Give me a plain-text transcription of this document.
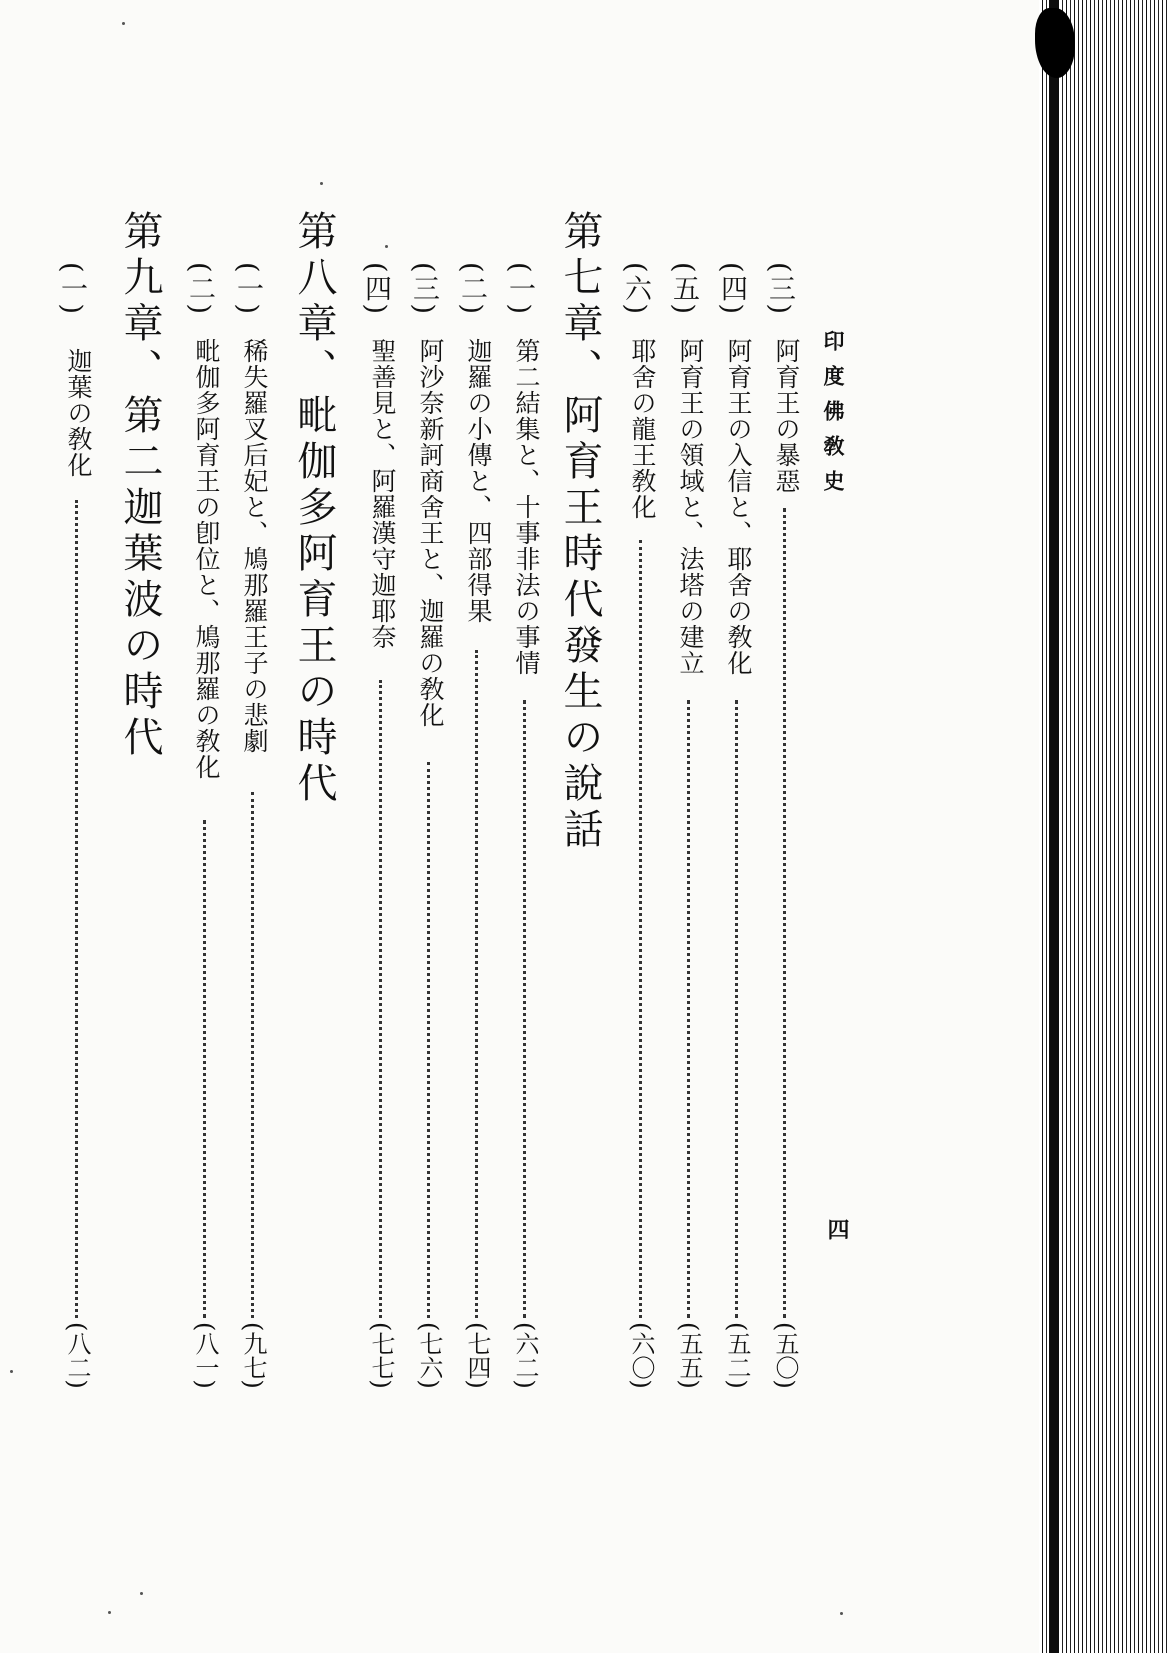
印度佛敎史
四
(三)
阿育王の暴惡
(五〇)
(四)
阿育王の入信と、耶舍の敎化
(五二)
(五)
阿育王の領域と、法塔の建立
(五五)
(六)
耶舍の龍王敎化
(六〇)
第七章、阿育王時代發生の說話
(一)
第二結集と、十事非法の事情
(六二)
(二)
迦羅の小傳と、四部得果
(七四)
(三)
阿沙奈新訶商舍王と、迦羅の敎化
(七六)
(四)
聖善見と、阿羅漢守迦耶奈
(七七)
第八章、毗伽多阿育王の時代
(一)
稀失羅叉后妃と、鳩那羅王子の悲劇
(九七)
(二)
毗伽多阿育王の卽位と、鳩那羅の敎化
(八一)
第九章、第二迦葉波の時代
(一)
迦葉の敎化
(八二)
